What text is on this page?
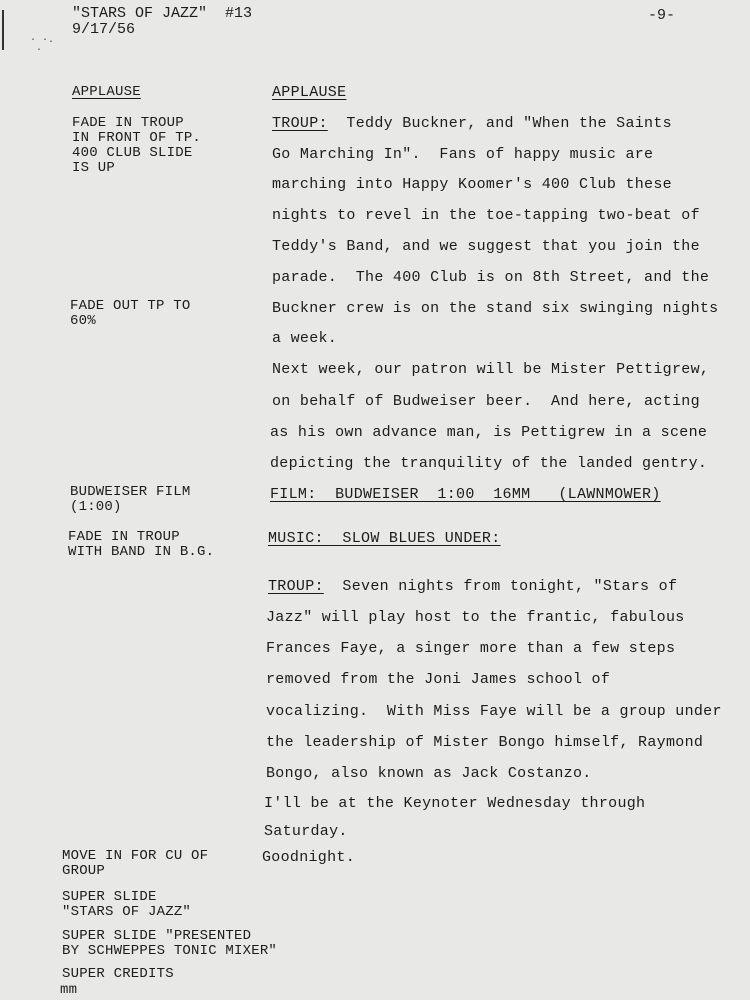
· ·.
·
"STARS OF JAZZ"  #13
9/17/56
-9-
APPLAUSE
FADE IN TROUP
IN FRONT OF TP.
400 CLUB SLIDE
IS UP
FADE OUT TP TO
60%
BUDWEISER FILM
(1:00)
FADE IN TROUP
WITH BAND IN B.G.
MOVE IN FOR CU OF
GROUP
SUPER SLIDE
"STARS OF JAZZ"
SUPER SLIDE "PRESENTED
BY SCHWEPPES TONIC MIXER"
SUPER CREDITS
mm
APPLAUSE
TROUP:  Teddy Buckner, and "When the Saints
Go Marching In".  Fans of happy music are
marching into Happy Koomer's 400 Club these
nights to revel in the toe-tapping two-beat of
Teddy's Band, and we suggest that you join the
parade.  The 400 Club is on 8th Street, and the
Buckner crew is on the stand six swinging nights
a week.
Next week, our patron will be Mister Pettigrew,
on behalf of Budweiser beer.  And here, acting
as his own advance man, is Pettigrew in a scene
depicting the tranquility of the landed gentry.
FILM:  BUDWEISER  1:00  16MM   (LAWNMOWER)
MUSIC:  SLOW BLUES UNDER:
TROUP:  Seven nights from tonight, "Stars of
Jazz" will play host to the frantic, fabulous
Frances Faye, a singer more than a few steps
removed from the Joni James school of
vocalizing.  With Miss Faye will be a group under
the leadership of Mister Bongo himself, Raymond
Bongo, also known as Jack Costanzo.
I'll be at the Keynoter Wednesday through
Saturday.
Goodnight.
